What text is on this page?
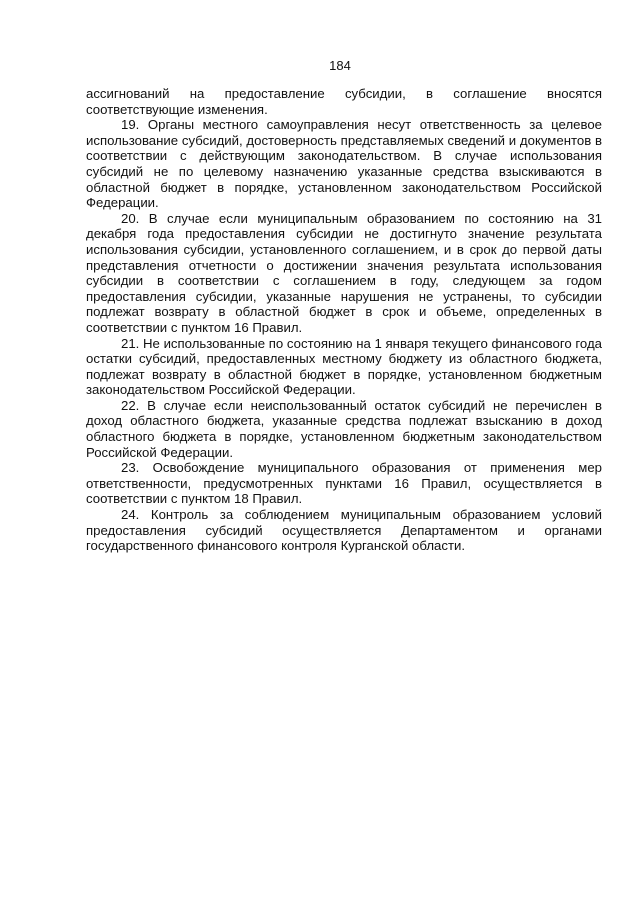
184

ассигнований на предоставление субсидии, в соглашение вносятся соответствующие изменения.

19. Органы местного самоуправления несут ответственность за целевое использование субсидий, достоверность представляемых сведений и документов в соответствии с действующим законодательством. В случае использования субсидий не по целевому назначению указанные средства взыскиваются в областной бюджет в порядке, установленном законодательством Российской Федерации.

20. В случае если муниципальным образованием по состоянию на 31 декабря года предоставления субсидии не достигнуто значение результата использования субсидии, установленного соглашением, и в срок до первой даты представления отчетности о достижении значения результата использования субсидии в соответствии с соглашением в году, следующем за годом предоставления субсидии, указанные нарушения не устранены, то субсидии подлежат возврату в областной бюджет в срок и объеме, определенных в соответствии с пунктом 16 Правил.

21. Не использованные по состоянию на 1 января текущего финансового года остатки субсидий, предоставленных местному бюджету из областного бюджета, подлежат возврату в областной бюджет в порядке, установленном бюджетным законодательством Российской Федерации.

22. В случае если неиспользованный остаток субсидий не перечислен в доход областного бюджета, указанные средства подлежат взысканию в доход областного бюджета в порядке, установленном бюджетным законодательством Российской Федерации.

23. Освобождение муниципального образования от применения мер ответственности, предусмотренных пунктами 16 Правил, осуществляется в соответствии с пунктом 18 Правил.

24. Контроль за соблюдением муниципальным образованием условий предоставления субсидий осуществляется Департаментом и органами государственного финансового контроля Курганской области.
